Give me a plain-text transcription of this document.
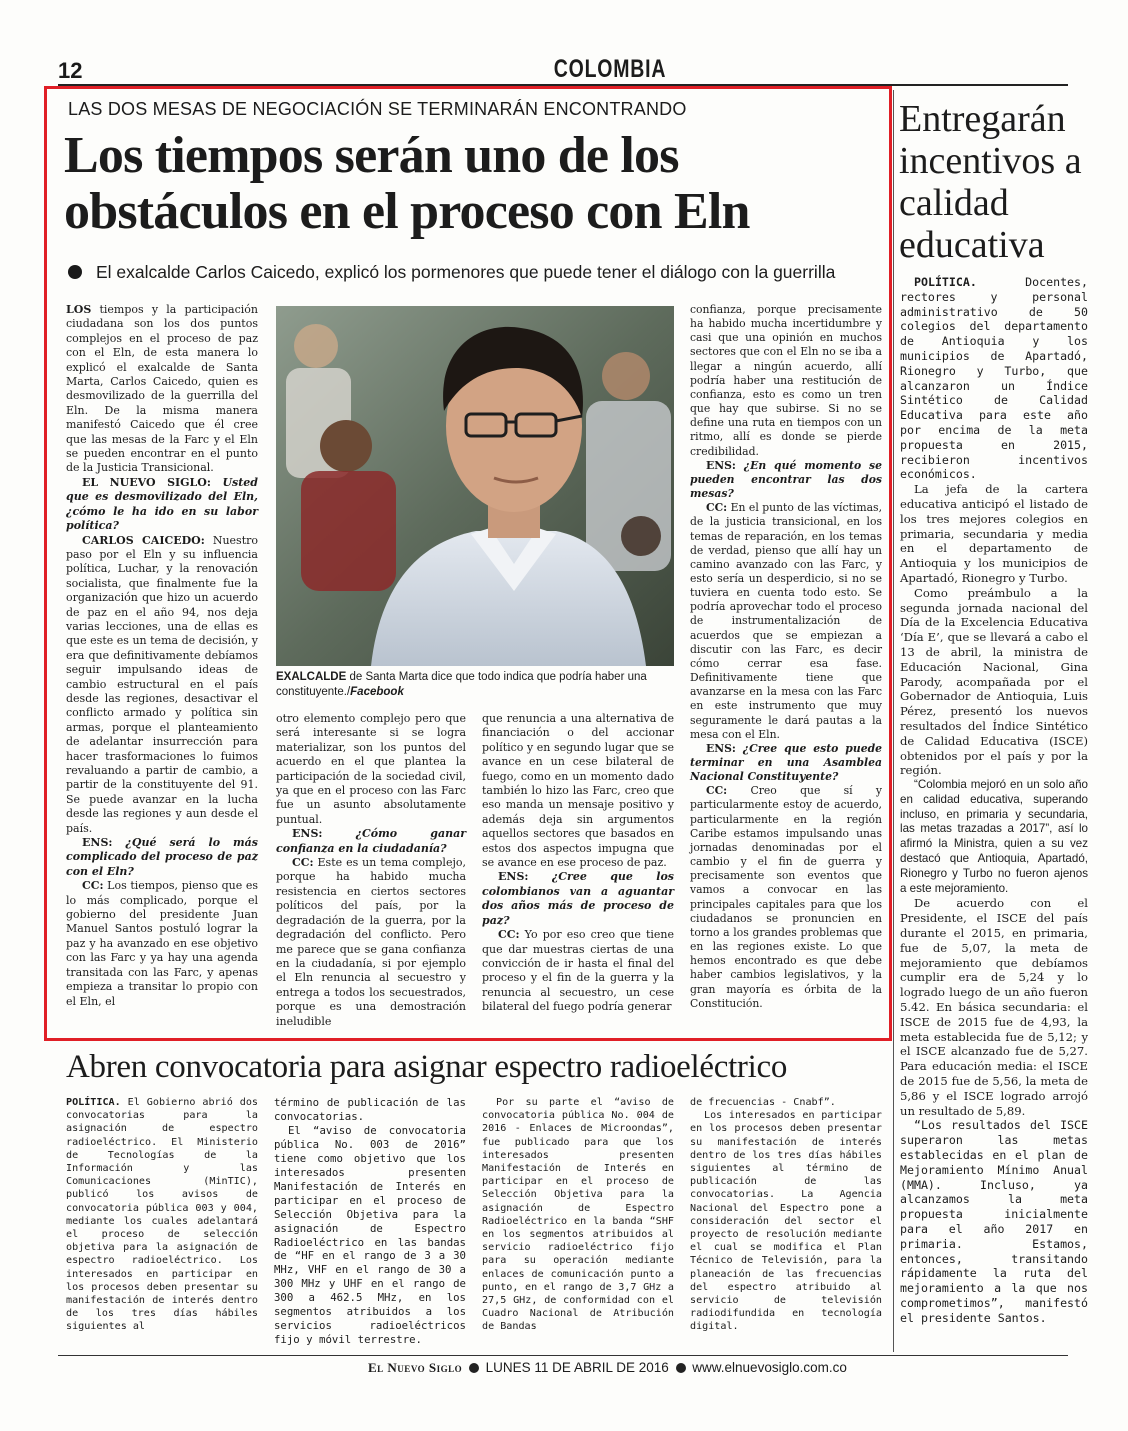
12	COLOMBIA
LAS DOS MESAS DE NEGOCIACIÓN SE TERMINARÁN ENCONTRANDO
Los tiempos serán uno de los obstáculos en el proceso con Eln
El exalcalde Carlos Caicedo, explicó los pormenores que puede tener el diálogo con la guerrilla

LOS tiempos y la participación ciudadana son los dos puntos complejos en el proceso de paz con el Eln, de esta manera lo explicó el exalcalde de Santa Marta, Carlos Caicedo, quien es desmovilizado de la guerrilla del Eln. De la misma manera manifestó Caicedo que él cree que las mesas de la Farc y el Eln se pueden encontrar en el punto de la Justicia Transicional.

EL NUEVO SIGLO: Usted que es desmovilizado del Eln, ¿cómo le ha ido en su labor política?

CARLOS CAICEDO: Nuestro paso por el Eln y su influencia política, Luchar, y la renovación socialista, que finalmente fue la organización que hizo un acuerdo de paz en el año 94, nos deja varias lecciones, una de ellas es que este es un tema de decisión, y era que definitivamente debíamos seguir impulsando ideas de cambio estructural en el país desde las regiones, desactivar el conflicto armado y política sin armas, porque el planteamiento de adelantar insurrección para hacer trasformaciones lo fuimos revaluando a partir de cambio, a partir de la constituyente del 91. Se puede avanzar en la lucha desde las regiones y aun desde el país.

ENS: ¿Qué será lo más complicado del proceso de paz con el Eln?

CC: Los tiempos, pienso que es lo más complicado, porque el gobierno del presidente Juan Manuel Santos postuló lograr la paz y ha avanzado en ese objetivo con las Farc y ya hay una agenda transitada con las Farc, y apenas empieza a transitar lo propio con el Eln, el

EXALCALDE de Santa Marta dice que todo indica que podría haber una constituyente./Facebook

otro elemento complejo pero que será interesante si se logra materializar, son los puntos del acuerdo en el que plantea la participación de la sociedad civil, ya que en el proceso con las Farc fue un asunto absolutamente puntual.

ENS: ¿Cómo ganar confianza en la ciudadanía?

CC: Este es un tema complejo, porque ha habido mucha resistencia en ciertos sectores políticos del país, por la degradación de la guerra, por la degradación del conflicto. Pero me parece que se gana confianza en la ciudadanía, si por ejemplo el Eln renuncia al secuestro y entrega a todos los secuestrados, porque es una demostración ineludible

que renuncia a una alternativa de financiación o del accionar político y en segundo lugar que se avance en un cese bilateral de fuego, como en un momento dado también lo hizo las Farc, creo que eso manda un mensaje positivo y además deja sin argumentos aquellos sectores que basados en estos dos aspectos impugna que se avance en ese proceso de paz.

ENS: ¿Cree que los colombianos van a aguantar dos años más de proceso de paz?

CC: Yo por eso creo que tiene que dar muestras ciertas de una convicción de ir hasta el final del proceso y el fin de la guerra y la renuncia al secuestro, un cese bilateral del fuego podría generar

confianza, porque precisamente ha habido mucha incertidumbre y casi que una opinión en muchos sectores que con el Eln no se iba a llegar a ningún acuerdo, allí podría haber una restitución de confianza, esto es como un tren que hay que subirse. Si no se define una ruta en tiempos con un ritmo, allí es donde se pierde credibilidad.

ENS: ¿En qué momento se pueden encontrar las dos mesas?

CC: En el punto de las víctimas, de la justicia transicional, en los temas de reparación, en los temas de verdad, pienso que allí hay un camino avanzado con las Farc, y esto sería un desperdicio, si no se tuviera en cuenta todo esto. Se podría aprovechar todo el proceso de instrumentalización de acuerdos que se empiezan a discutir con las Farc, es decir cómo cerrar esa fase. Definitivamente tiene que avanzarse en la mesa con las Farc en este instrumento que muy seguramente le dará pautas a la mesa con el Eln.

ENS: ¿Cree que esto puede terminar en una Asamblea Nacional Constituyente?

CC: Creo que sí y particularmente estoy de acuerdo, particularmente en la región Caribe estamos impulsando unas jornadas denominadas por el cambio y el fin de guerra y precisamente son eventos que vamos a convocar en las principales capitales para que los ciudadanos se pronuncien en torno a los grandes problemas que en las regiones existe. Lo que hemos encontrado es que debe haber cambios legislativos, y la gran mayoría es órbita de la Constitución.

Entregarán incentivos a calidad educativa

POLÍTICA. Docentes, rectores y personal administrativo de 50 colegios del departamento de Antioquia y los municipios de Apartadó, Rionegro y Turbo, que alcanzaron un Índice Sintético de Calidad Educativa para este año por encima de la meta propuesta en 2015, recibieron incentivos económicos.

La jefa de la cartera educativa anticipó el listado de los tres mejores colegios en primaria, secundaria y media en el departamento de Antioquia y los municipios de Apartadó, Rionegro y Turbo.

Como preámbulo a la segunda jornada nacional del Día de la Excelencia Educativa ‘Día E’, que se llevará a cabo el 13 de abril, la ministra de Educación Nacional, Gina Parody, acompañada por el Gobernador de Antioquia, Luis Pérez, presentó los nuevos resultados del Índice Sintético de Calidad Educativa (ISCE) obtenidos por el país y por la región.

“Colombia mejoró en un solo año en calidad educativa, superando incluso, en primaria y secundaria, las metas trazadas a 2017”, así lo afirmó la Ministra, quien a su vez destacó que Antioquia, Apartadó, Rionegro y Turbo no fueron ajenos a este mejoramiento.

De acuerdo con el Presidente, el ISCE del país durante el 2015, en primaria, fue de 5,07, la meta de mejoramiento que debíamos cumplir era de 5,24 y lo logrado luego de un año fueron 5.42. En básica secundaria: el ISCE de 2015 fue de 4,93, la meta establecida fue de 5,12; y el ISCE alcanzado fue de 5,27. Para educación media: el ISCE de 2015 fue de 5,56, la meta de 5,86 y el ISCE logrado arrojó un resultado de 5,89.

“Los resultados del ISCE superaron las metas establecidas en el plan de Mejoramiento Mínimo Anual (MMA). Incluso, ya alcanzamos la meta propuesta inicialmente para el año 2017 en primaria. Estamos, entonces, transitando rápidamente la ruta del mejoramiento a la que nos comprometimos”, manifestó el presidente Santos.

Abren convocatoria para asignar espectro radioeléctrico

POLÍTICA. El Gobierno abrió dos convocatorias para la asignación de espectro radioeléctrico. El Ministerio de Tecnologías de la Información y las Comunicaciones (MinTIC), publicó los avisos de convocatoria pública 003 y 004, mediante los cuales adelantará el proceso de selección objetiva para la asignación de espectro radioeléctrico. Los interesados en participar en los procesos deben presentar su manifestación de interés dentro de los tres días hábiles siguientes al

término de publicación de las convocatorias.

El “aviso de convocatoria pública No. 003 de 2016” tiene como objetivo que los interesados presenten Manifestación de Interés en participar en el proceso de Selección Objetiva para la asignación de Espectro Radioeléctrico en las bandas de “HF en el rango de 3 a 30 MHz, VHF en el rango de 30 a 300 MHz y UHF en el rango de 300 a 462.5 MHz, en los segmentos atribuidos a los servicios radioeléctricos fijo y móvil terrestre.

Por su parte el “aviso de convocatoria pública No. 004 de 2016 - Enlaces de Microondas”, fue publicado para que los interesados presenten Manifestación de Interés en participar en el proceso de Selección Objetiva para la asignación de Espectro Radioeléctrico en la banda “SHF en los segmentos atribuidos al servicio radioeléctrico fijo para su operación mediante enlaces de comunicación punto a punto, en el rango de 3,7 GHz a 27,5 GHz, de conformidad con el Cuadro Nacional de Atribución de Bandas

de frecuencias - Cnabf”.

Los interesados en participar en los procesos deben presentar su manifestación de interés dentro de los tres días hábiles siguientes al término de publicación de las convocatorias. La Agencia Nacional del Espectro pone a consideración del sector el proyecto de resolución mediante el cual se modifica el Plan Técnico de Televisión, para la planeación de las frecuencias del espectro atribuido al servicio de televisión radiodifundida en tecnología digital.

El Nuevo Siglo LUNES 11 DE ABRIL DE 2016 www.elnuevosiglo.com.co
